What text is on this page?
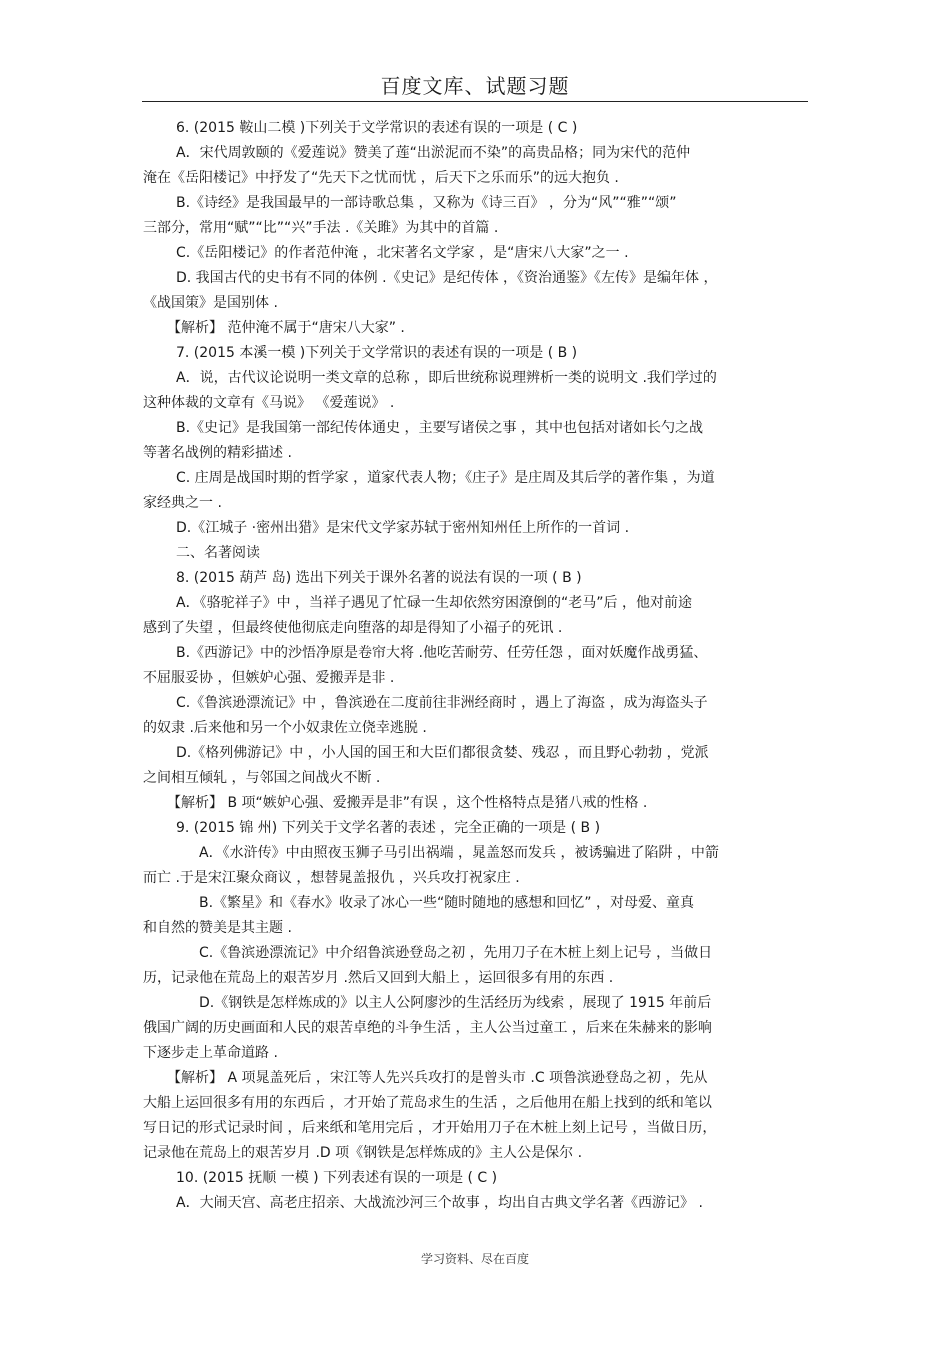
百度文库、试题习题
6. (2015 鞍山二模 )下列关于文学常识的表述有误的一项是 ( C )
A．宋代周敦颐的《爱莲说》赞美了莲“出淤泥而不染”的高贵品格；同为宋代的范仲
淹在《岳阳楼记》中抒发了“先天下之忧而忧 ，后天下之乐而乐”的远大抱负 .
B.《诗经》是我国最早的一部诗歌总集 ，又称为《诗三百》 ，分为“风”“雅”“颂”
三部分，常用“赋”“比”“兴”手法 .《关雎》为其中的首篇 .
C.《岳阳楼记》的作者范仲淹 ，北宋著名文学家 ，是“唐宋八大家”之一 .
D. 我国古代的史书有不同的体例 .《史记》是纪传体 ，《资治通鉴》《左传》是编年体 ，
《战国策》是国别体 .
【解析】 范仲淹不属于“唐宋八大家” .
7. (2015 本溪一模 )下列关于文学常识的表述有误的一项是 ( B )
A．说，古代议论说明一类文章的总称 ，即后世统称说理辨析一类的说明文 .我们学过的
这种体裁的文章有《马说》 《爱莲说》 .
B.《史记》是我国第一部纪传体通史 ，主要写诸侯之事 ，其中也包括对诸如长勺之战
等著名战例的精彩描述 .
C. 庄周是战国时期的哲学家 ，道家代表人物；《庄子》是庄周及其后学的著作集 ，为道
家经典之一 .
D.《江城子 ·密州出猎》是宋代文学家苏轼于密州知州任上所作的一首词 .
二、名著阅读
8. (2015 葫芦 岛) 选出下列关于课外名著的说法有误的一项 ( B )
A．《骆驼祥子》中 ，当祥子遇见了忙碌一生却依然穷困潦倒的“老马”后 ，他对前途
感到了失望 ，但最终使他彻底走向堕落的却是得知了小福子的死讯 .
B.《西游记》中的沙悟净原是卷帘大将 .他吃苦耐劳、任劳任怨 ，面对妖魔作战勇猛、
不屈服妥协 ，但嫉妒心强、爱搬弄是非 .
C.《鲁滨逊漂流记》中 ，鲁滨逊在二度前往非洲经商时 ，遇上了海盗 ，成为海盗头子
的奴隶 .后来他和另一个小奴隶佐立侥幸逃脱 .
D.《格列佛游记》中 ，小人国的国王和大臣们都很贪婪、残忍 ，而且野心勃勃 ，党派
之间相互倾轧 ，与邻国之间战火不断 .
【解析】 B 项“嫉妒心强、爱搬弄是非”有误 ，这个性格特点是猪八戒的性格 .
9. (2015 锦 州) 下列关于文学名著的表述 ，完全正确的一项是 ( B )
A．《水浒传》中由照夜玉狮子马引出祸端 ，晁盖怒而发兵 ，被诱骗进了陷阱 ，中箭
而亡 .于是宋江聚众商议 ，想替晁盖报仇 ，兴兵攻打祝家庄 .
B.《繁星》和《春水》收录了冰心一些“随时随地的感想和回忆” ，对母爱、童真
和自然的赞美是其主题 .
C.《鲁滨逊漂流记》中介绍鲁滨逊登岛之初 ，先用刀子在木桩上刻上记号 ，当做日
历，记录他在荒岛上的艰苦岁月 .然后又回到大船上 ，运回很多有用的东西 .
D.《钢铁是怎样炼成的》以主人公阿廖沙的生活经历为线索 ，展现了 1915 年前后
俄国广阔的历史画面和人民的艰苦卓绝的斗争生活 ，主人公当过童工 ，后来在朱赫来的影响
下逐步走上革命道路 .
【解析】 A 项晁盖死后 ，宋江等人先兴兵攻打的是曾头市 .C 项鲁滨逊登岛之初 ，先从
大船上运回很多有用的东西后 ，才开始了荒岛求生的生活 ，之后他用在船上找到的纸和笔以
写日记的形式记录时间 ，后来纸和笔用完后 ，才开始用刀子在木桩上刻上记号 ，当做日历，
记录他在荒岛上的艰苦岁月 .D 项《钢铁是怎样炼成的》主人公是保尔 .
10. (2015 抚顺 一模 ) 下列表述有误的一项是 ( C )
A．大闹天宫、高老庄招亲、大战流沙河三个故事 ，均出自古典文学名著《西游记》 .
学习资料、尽在百度
